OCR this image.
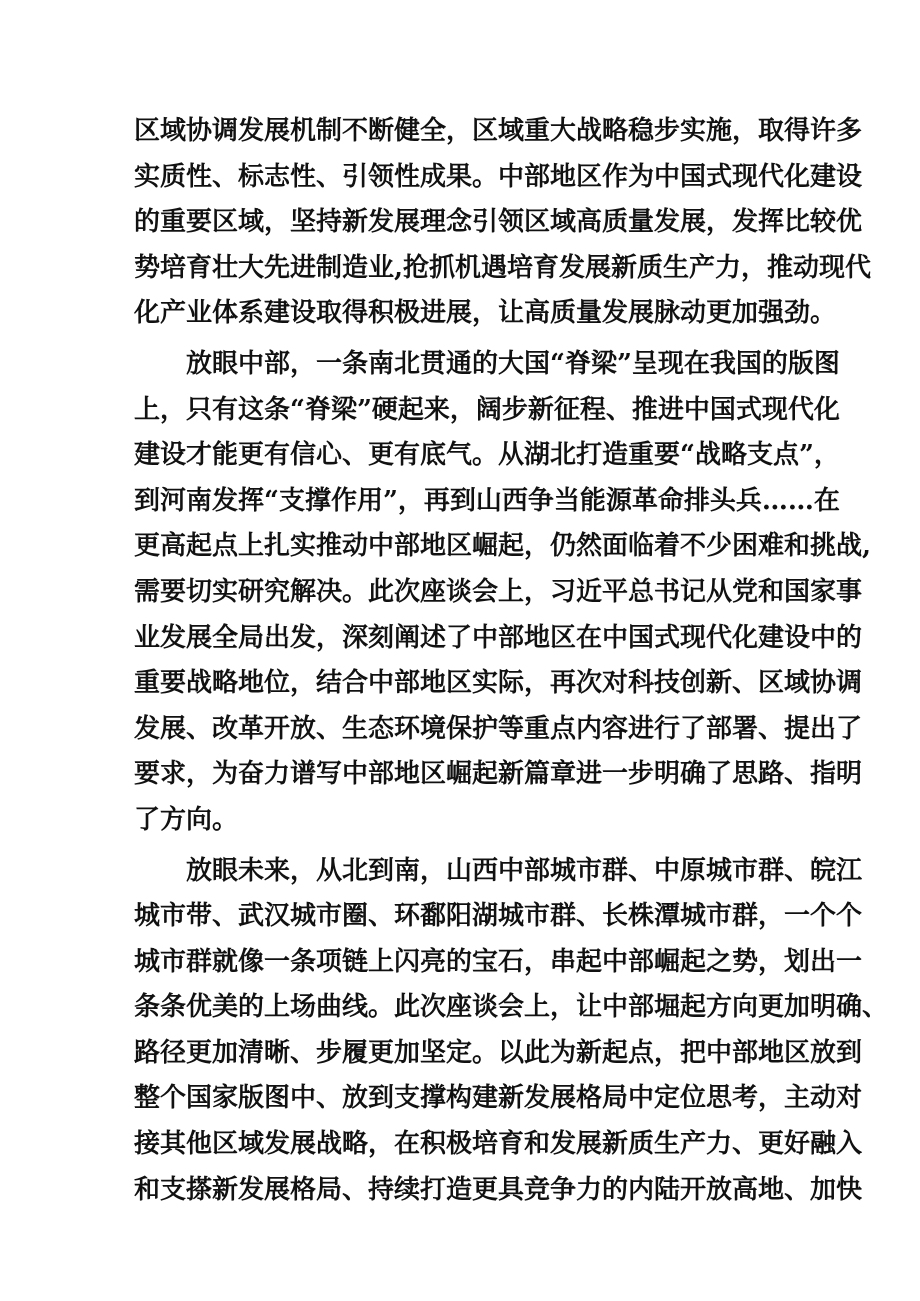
区域协调发展机制不断健全，区域重大战略稳步实施，取得许多
实质性、标志性、引领性成果。中部地区作为中国式现代化建设
的重要区域，坚持新发展理念引领区域高质量发展，发挥比较优
势培育壮大先进制造业,抢抓机遇培育发展新质生产力，推动现代
化产业体系建设取得积极进展，让高质量发展脉动更加强劲。
放眼中部，一条南北贯通的大国“脊梁”呈现在我国的版图
上，只有这条“脊梁”硬起来，阔步新征程、推进中国式现代化
建设才能更有信心、更有底气。从湖北打造重要“战略支点”，
到河南发挥“支撑作用”，再到山西争当能源革命排头兵……在
更高起点上扎实推动中部地区崛起，仍然面临着不少困难和挑战,
需要切实研究解决。此次座谈会上，习近平总书记从党和国家事
业发展全局出发，深刻阐述了中部地区在中国式现代化建设中的
重要战略地位，结合中部地区实际，再次对科技创新、区域协调
发展、改革开放、生态环境保护等重点内容进行了部署、提出了
要求，为奋力谱写中部地区崛起新篇章进一步明确了思路、指明
了方向。
放眼未来，从北到南，山西中部城市群、中原城市群、皖江
城市带、武汉城市圈、环鄱阳湖城市群、长株潭城市群，一个个
城市群就像一条项链上闪亮的宝石，串起中部崛起之势，划出一
条条优美的上场曲线。此次座谈会上，让中部堀起方向更加明确、
路径更加清晰、步履更加坚定。以此为新起点，把中部地区放到
整个国家版图中、放到支撑构建新发展格局中定位思考，主动对
接其他区域发展战略，在积极培育和发展新质生产力、更好融入
和支搽新发展格局、持续打造更具竞争力的内陆开放高地、加快
